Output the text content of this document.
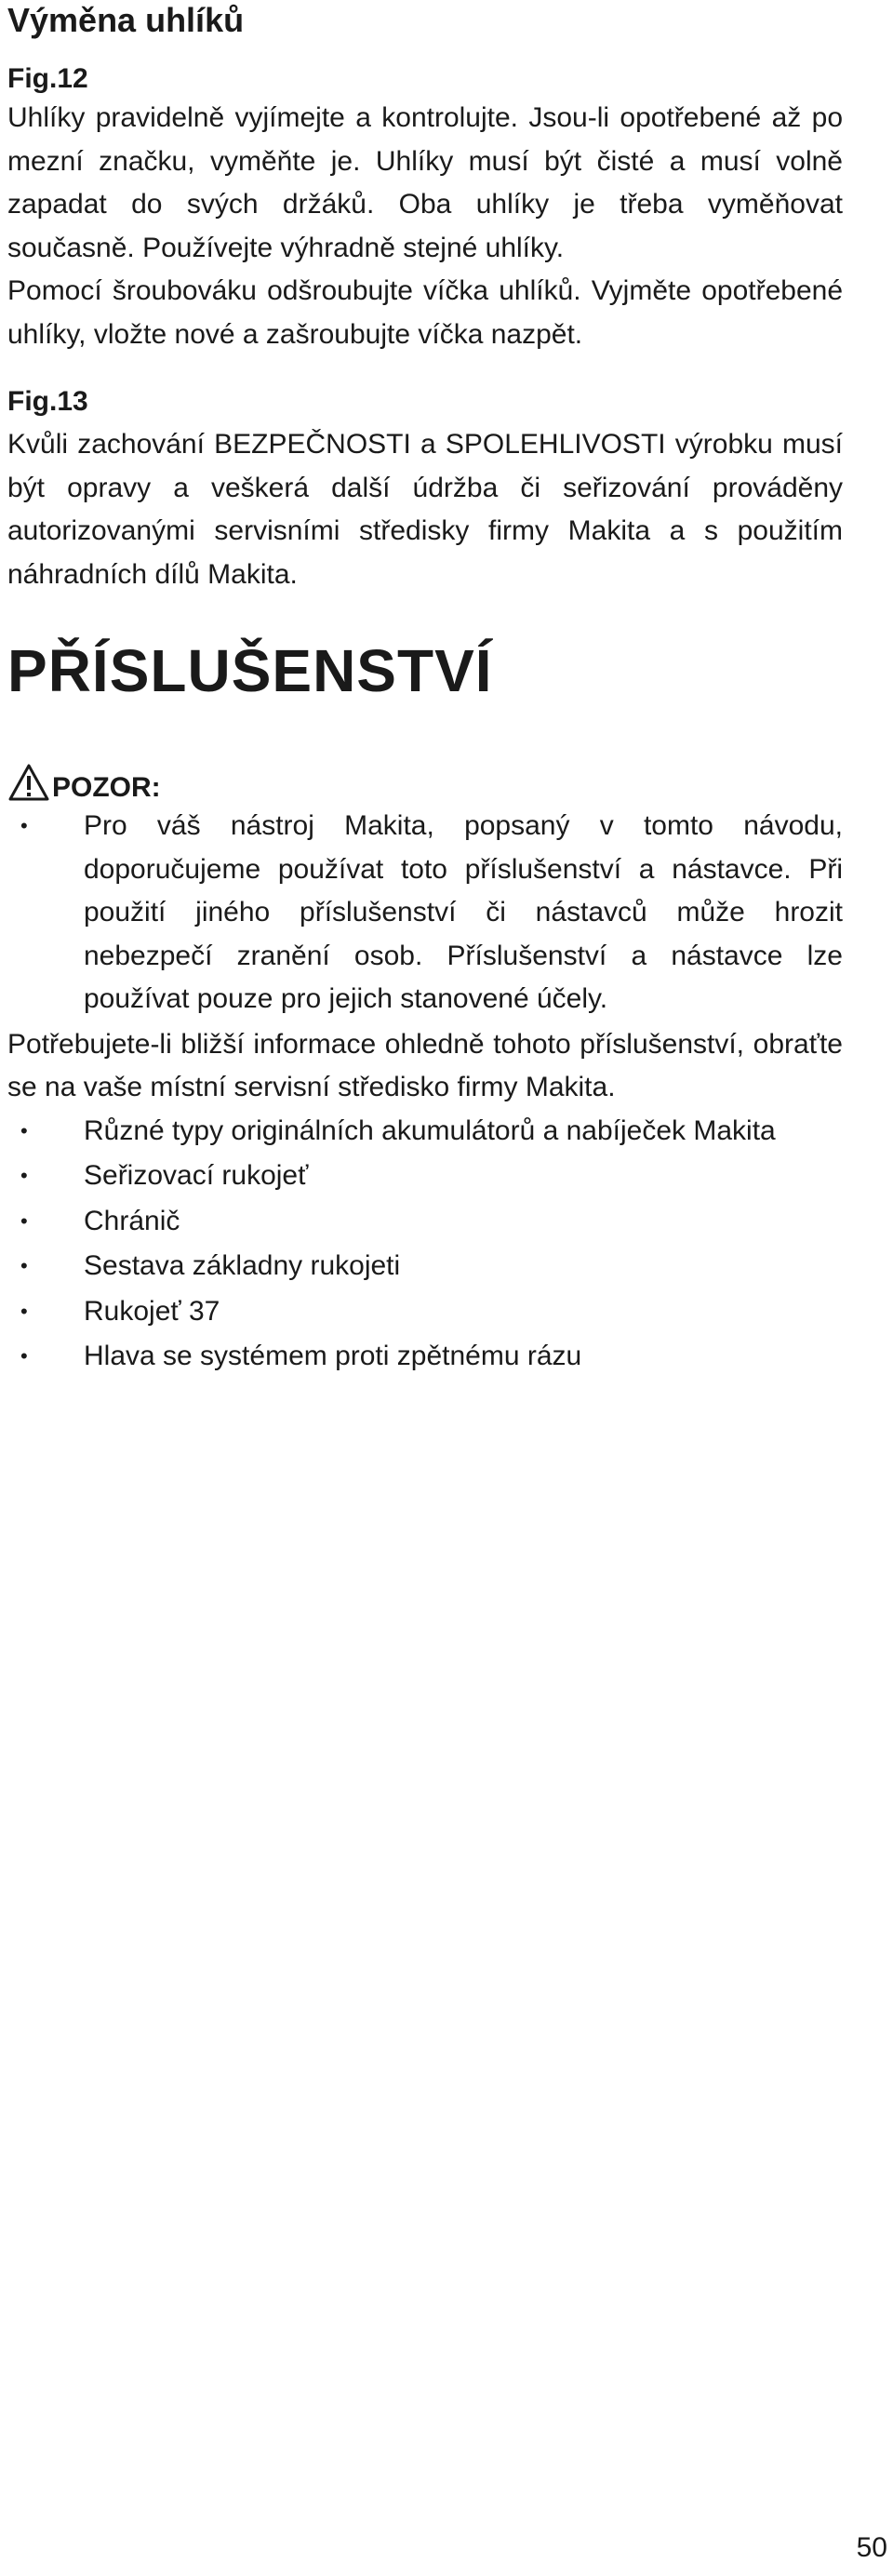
Výměna uhlíků
Fig.12

Uhlíky pravidelně vyjímejte a kontrolujte. Jsou-li opotřebené až po mezní značku, vyměňte je. Uhlíky musí být čisté a musí volně zapadat do svých držáků. Oba uhlíky je třeba vyměňovat současně. Používejte výhradně stejné uhlíky.

Pomocí šroubováku odšroubujte víčka uhlíků. Vyjměte opotřebené uhlíky, vložte nové a zašroubujte víčka nazpět.

Fig.13

Kvůli zachování BEZPEČNOSTI a SPOLEHLIVOSTI výrobku musí být opravy a veškerá další údržba či seřizování prováděny autorizovanými servisními středisky firmy Makita a s použitím náhradních dílů Makita.

PŘÍSLUŠENSTVÍ
POZOR:
• Pro váš nástroj Makita, popsaný v tomto návodu, doporučujeme používat toto příslušenství a nástavce. Při použití jiného příslušenství či nástavců může hrozit nebezpečí zranění osob. Příslušenství a nástavce lze používat pouze pro jejich stanovené účely.

Potřebujete-li bližší informace ohledně tohoto příslušenství, obraťte se na vaše místní servisní středisko firmy Makita.

• Různé typy originálních akumulátorů a nabíječek Makita
• Seřizovací rukojeť
• Chránič
• Sestava základny rukojeti
• Rukojeť 37
• Hlava se systémem proti zpětnému rázu
50
